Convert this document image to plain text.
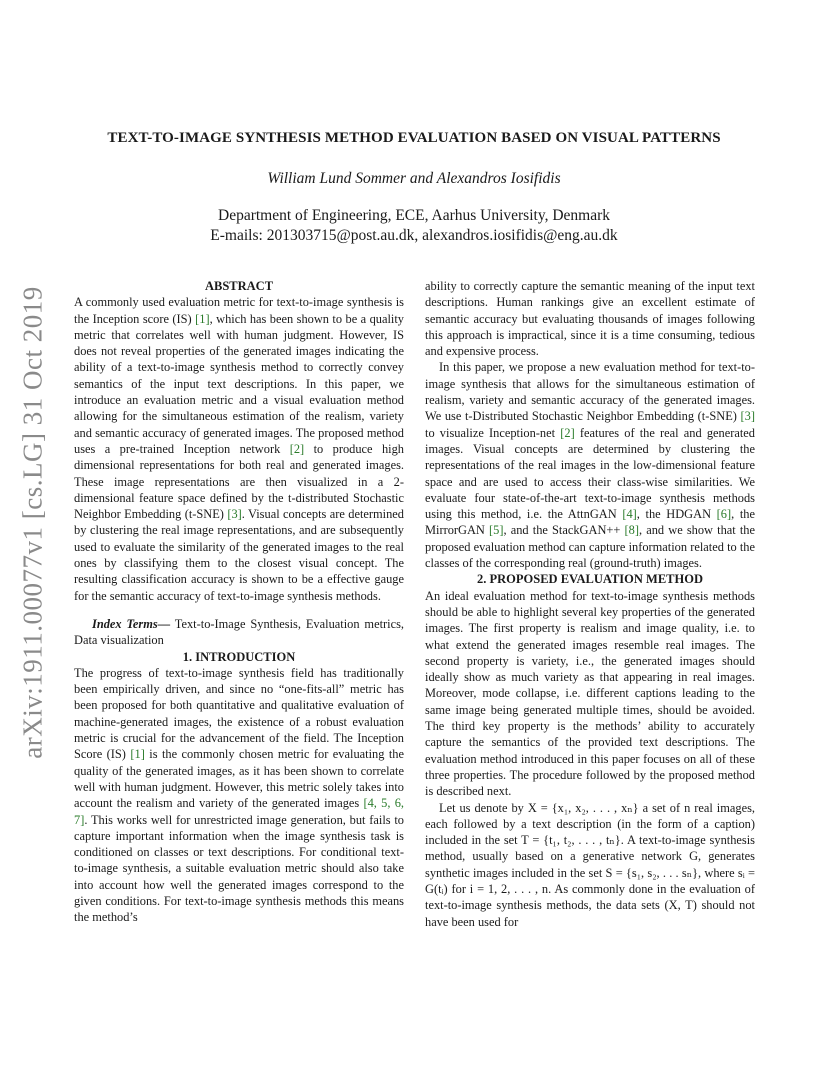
arXiv:1911.00077v1 [cs.LG] 31 Oct 2019
TEXT-TO-IMAGE SYNTHESIS METHOD EVALUATION BASED ON VISUAL PATTERNS
William Lund Sommer and Alexandros Iosifidis
Department of Engineering, ECE, Aarhus University, Denmark
E-mails: 201303715@post.au.dk, alexandros.iosifidis@eng.au.dk

ABSTRACT

A commonly used evaluation metric for text-to-image synthesis is the Inception score (IS) [1], which has been shown to be a quality metric that correlates well with human judgment. However, IS does not reveal properties of the generated images indicating the ability of a text-to-image synthesis method to correctly convey semantics of the input text descriptions. In this paper, we introduce an evaluation metric and a visual evaluation method allowing for the simultaneous estimation of the realism, variety and semantic accuracy of generated images. The proposed method uses a pre-trained Inception network [2] to produce high dimensional representations for both real and generated images. These image representations are then visualized in a 2-dimensional feature space defined by the t-distributed Stochastic Neighbor Embedding (t-SNE) [3]. Visual concepts are determined by clustering the real image representations, and are subsequently used to evaluate the similarity of the generated images to the real ones by classifying them to the closest visual concept. The resulting classification accuracy is shown to be a effective gauge for the semantic accuracy of text-to-image synthesis methods.

Index Terms— Text-to-Image Synthesis, Evaluation metrics, Data visualization

1. INTRODUCTION

The progress of text-to-image synthesis field has traditionally been empirically driven, and since no “one-fits-all” metric has been proposed for both quantitative and qualitative evaluation of machine-generated images, the existence of a robust evaluation metric is crucial for the advancement of the field. The Inception Score (IS) [1] is the commonly chosen metric for evaluating the quality of the generated images, as it has been shown to correlate well with human judgment. However, this metric solely takes into account the realism and variety of the generated images [4, 5, 6, 7]. This works well for unrestricted image generation, but fails to capture important information when the image synthesis task is conditioned on classes or text descriptions. For conditional text-to-image synthesis, a suitable evaluation metric should also take into account how well the generated images correspond to the given conditions. For text-to-image synthesis methods this means the method’s

ability to correctly capture the semantic meaning of the input text descriptions. Human rankings give an excellent estimate of semantic accuracy but evaluating thousands of images following this approach is impractical, since it is a time consuming, tedious and expensive process.

In this paper, we propose a new evaluation method for text-to-image synthesis that allows for the simultaneous estimation of realism, variety and semantic accuracy of the generated images. We use t-Distributed Stochastic Neighbor Embedding (t-SNE) [3] to visualize Inception-net [2] features of the real and generated images. Visual concepts are determined by clustering the representations of the real images in the low-dimensional feature space and are used to access their class-wise similarities. We evaluate four state-of-the-art text-to-image synthesis methods using this method, i.e. the AttnGAN [4], the HDGAN [6], the MirrorGAN [5], and the StackGAN++ [8], and we show that the proposed evaluation method can capture information related to the classes of the corresponding real (ground-truth) images.

2. PROPOSED EVALUATION METHOD

An ideal evaluation method for text-to-image synthesis methods should be able to highlight several key properties of the generated images. The first property is realism and image quality, i.e. to what extend the generated images resemble real images. The second property is variety, i.e., the generated images should ideally show as much variety as that appearing in real images. Moreover, mode collapse, i.e. different captions leading to the same image being generated multiple times, should be avoided. The third key property is the methods’ ability to accurately capture the semantics of the provided text descriptions. The evaluation method introduced in this paper focuses on all of these three properties. The procedure followed by the proposed method is described next.

Let us denote by X = {x₁, x₂, . . . , xₙ} a set of n real images, each followed by a text description (in the form of a caption) included in the set T = {t₁, t₂, . . . , tₙ}. A text-to-image synthesis method, usually based on a generative network G, generates synthetic images included in the set S = {s₁, s₂, . . . sₙ}, where sᵢ = G(tᵢ) for i = 1, 2, . . . , n. As commonly done in the evaluation of text-to-image synthesis methods, the data sets (X, T) should not have been used for
